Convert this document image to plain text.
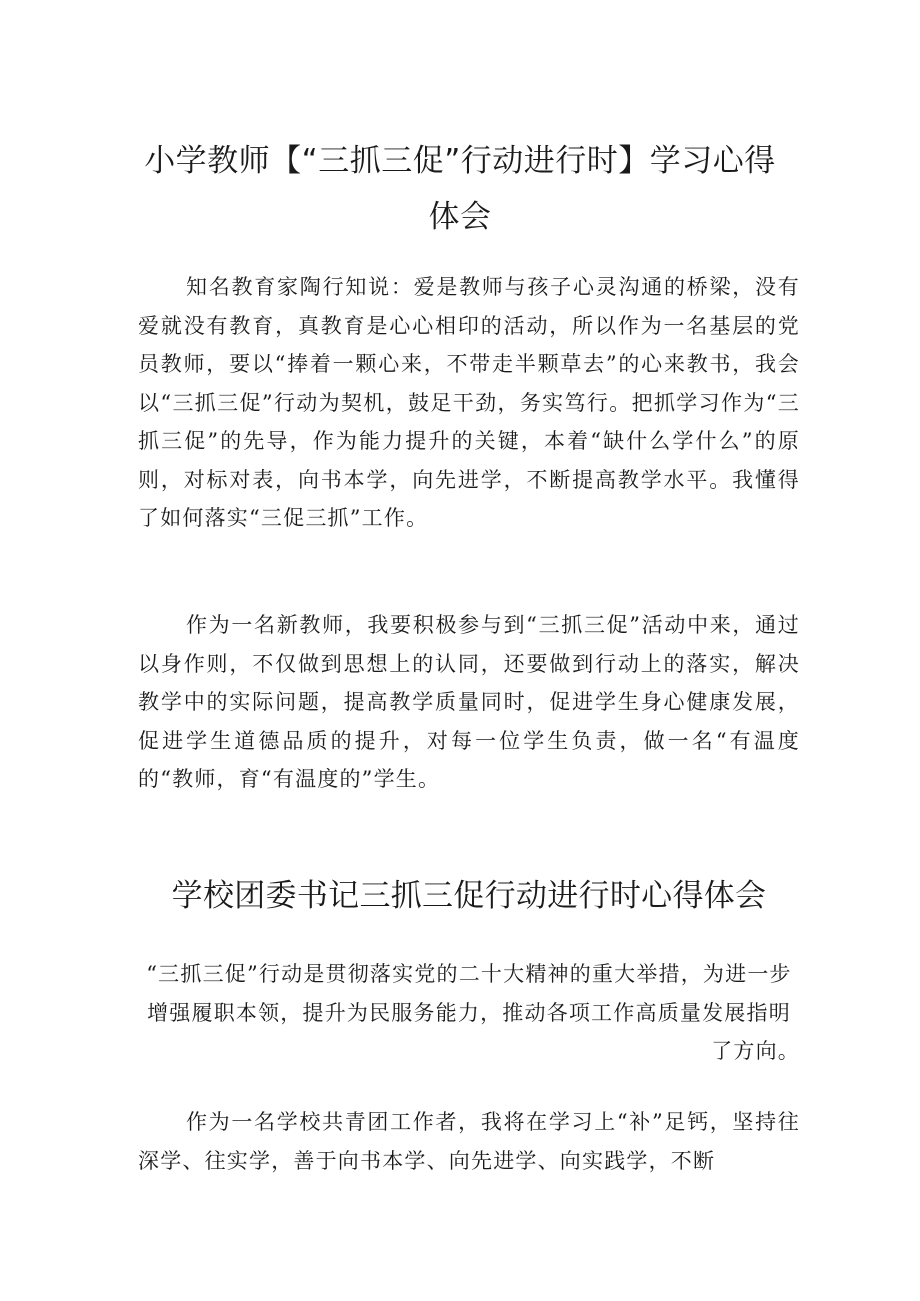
小学教师【“三抓三促”行动进行时】学习心得体会

知名教育家陶行知说：爱是教师与孩子心灵沟通的桥梁，没有爱就没有教育，真教育是心心相印的活动，所以作为一名基层的党员教师，要以“捧着一颗心来，不带走半颗草去”的心来教书，我会以“三抓三促”行动为契机，鼓足干劲，务实笃行。把抓学习作为“三抓三促”的先导，作为能力提升的关键，本着“缺什么学什么”的原则，对标对表，向书本学，向先进学，不断提高教学水平。我懂得了如何落实“三促三抓”工作。

作为一名新教师，我要积极参与到“三抓三促”活动中来，通过以身作则，不仅做到思想上的认同，还要做到行动上的落实，解决教学中的实际问题，提高教学质量同时，促进学生身心健康发展，促进学生道德品质的提升，对每一位学生负责，做一名“有温度的“教师，育“有温度的”学生。

学校团委书记三抓三促行动进行时心得体会

“三抓三促”行动是贯彻落实党的二十大精神的重大举措，为进一步增强履职本领，提升为民服务能力，推动各项工作高质量发展指明了方向。

作为一名学校共青团工作者，我将在学习上“补”足钙，坚持往深学、往实学，善于向书本学、向先进学、向实践学，不断
